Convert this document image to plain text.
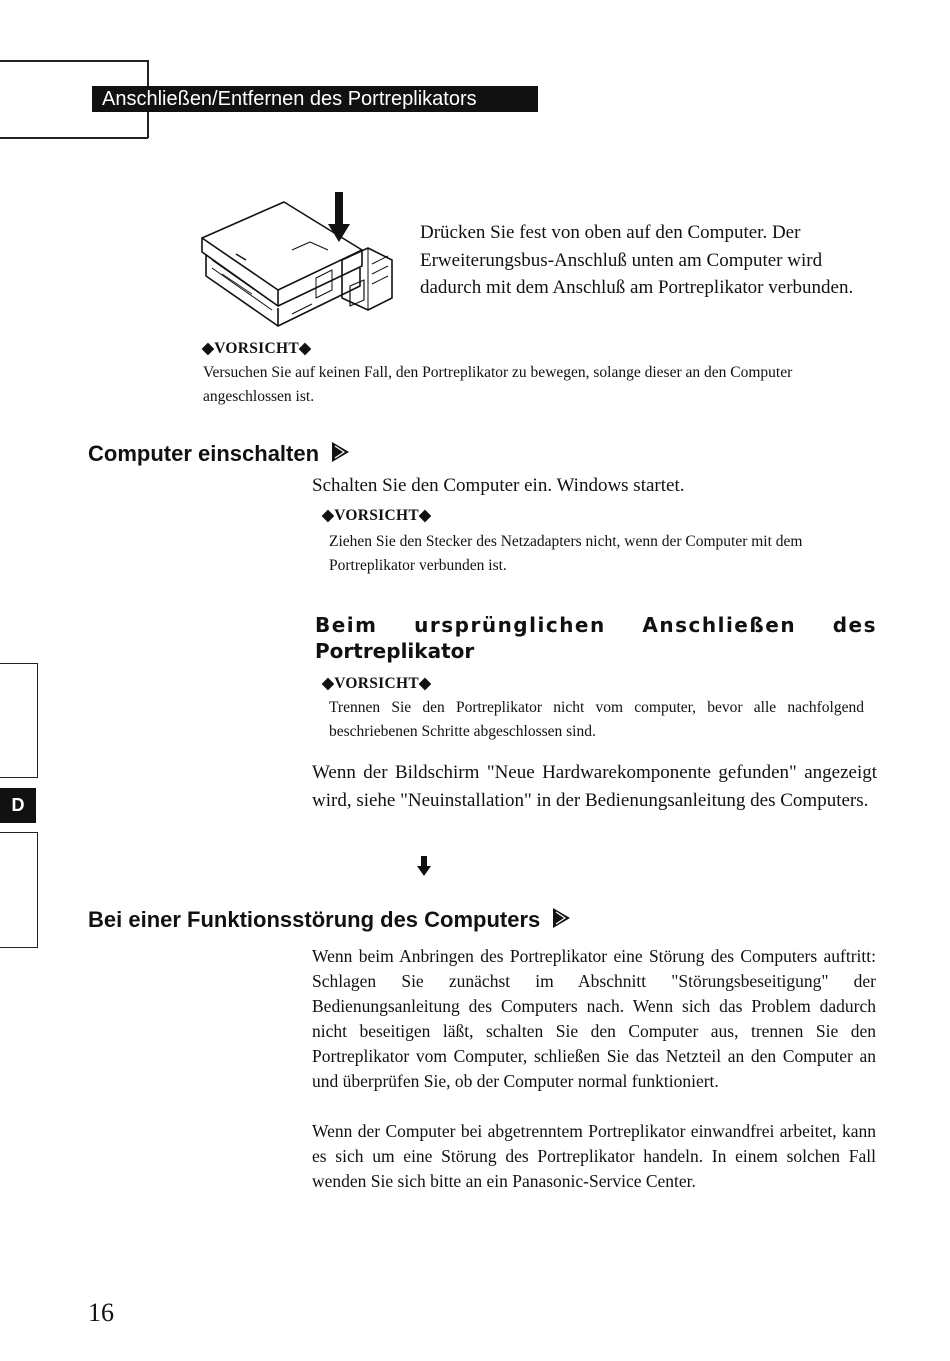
Anschließen/Entfernen des Portreplikators
Drücken Sie fest von oben auf den Computer. Der Erweiterungsbus-Anschluß unten am Computer wird dadurch mit dem Anschluß am Portreplikator verbunden.
◆VORSICHT◆
Versuchen Sie auf keinen Fall, den Portreplikator zu bewegen, solange dieser an den Computer angeschlossen ist.
Computer einschalten
Schalten Sie den Computer ein. Windows startet.
◆VORSICHT◆
Ziehen Sie den Stecker des Netzadapters nicht, wenn der Computer mit dem Portreplikator verbunden ist.
Beim ursprünglichen Anschließen des
Portreplikator
◆VORSICHT◆
Trennen Sie den Portreplikator nicht vom computer, bevor alle nachfolgend beschriebenen Schritte abgeschlossen sind.
Wenn der Bildschirm "Neue Hardwarekomponente gefunden" angezeigt wird, siehe "Neuinstallation" in der Bedienungsanleitung des Computers.
Bei einer Funktionsstörung des Computers
Wenn beim Anbringen des Portreplikator eine Störung des Computers auftritt: Schlagen Sie zunächst im Abschnitt "Störungsbeseitigung" der Bedienungsanleitung des Computers nach. Wenn sich das Problem dadurch nicht beseitigen läßt, schalten Sie den Computer aus, trennen Sie den Portreplikator vom Computer, schließen Sie das Netzteil an den Computer an und überprüfen Sie, ob der Computer normal funktioniert.
Wenn der Computer bei abgetrenntem Portreplikator einwandfrei arbeitet, kann es sich um eine Störung des Portreplikator handeln. In einem solchen Fall wenden Sie sich bitte an ein Panasonic-Service Center.
D
16
